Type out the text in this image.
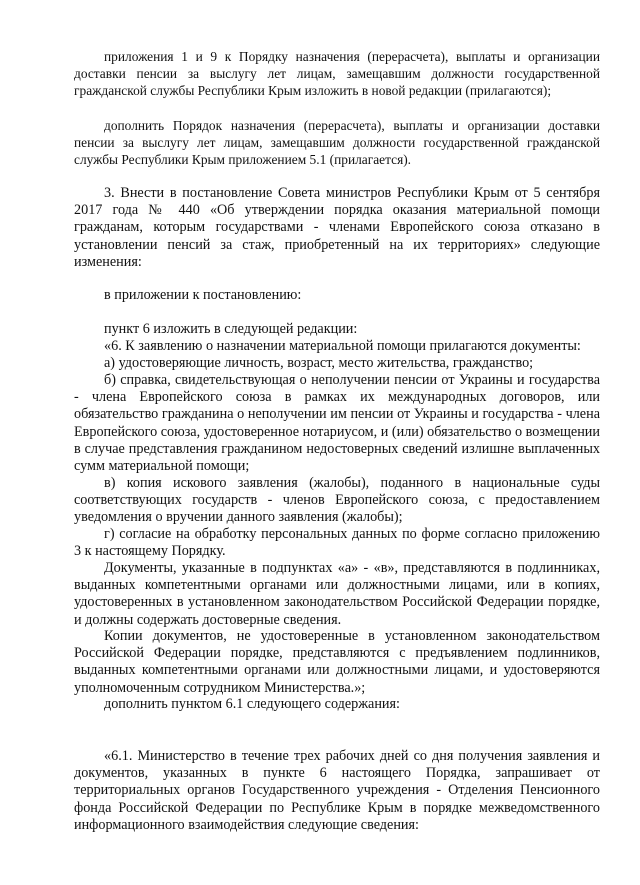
приложения 1 и 9 к Порядку назначения (перерасчета), выплаты и организации доставки пенсии за выслугу лет лицам, замещавшим должности государственной гражданской службы Республики Крым изложить в новой редакции (прилагаются);

дополнить Порядок назначения (перерасчета), выплаты и организации доставки пенсии за выслугу лет лицам, замещавшим должности государственной гражданской службы Республики Крым приложением 5.1 (прилагается).

3. Внести в постановление Совета министров Республики Крым от 5 сентября 2017 года № 440 «Об утверждении порядка оказания материальной помощи гражданам, которым государствами - членами Европейского союза отказано в установлении пенсий за стаж, приобретенный на их территориях» следующие изменения:

в приложении к постановлению:

пункт 6 изложить в следующей редакции:

«6. К заявлению о назначении материальной помощи прилагаются документы:

а) удостоверяющие личность, возраст, место жительства, гражданство;

б) справка, свидетельствующая о неполучении пенсии от Украины и государства - члена Европейского союза в рамках их международных договоров, или обязательство гражданина о неполучении им пенсии от Украины и государства - члена Европейского союза, удостоверенное нотариусом, и (или) обязательство о возмещении в случае представления гражданином недостоверных сведений излишне выплаченных сумм материальной помощи;

в) копия искового заявления (жалобы), поданного в национальные суды соответствующих государств - членов Европейского союза, с предоставлением уведомления о вручении данного заявления (жалобы);

г) согласие на обработку персональных данных по форме согласно приложению 3 к настоящему Порядку.

Документы, указанные в подпунктах «а» - «в», представляются в подлинниках, выданных компетентными органами или должностными лицами, или в копиях, удостоверенных в установленном законодательством Российской Федерации порядке, и должны содержать достоверные сведения.

Копии документов, не удостоверенные в установленном законодательством Российской Федерации порядке, представляются с предъявлением подлинников, выданных компетентными органами или должностными лицами, и удостоверяются уполномоченным сотрудником Министерства.»;

дополнить пунктом 6.1 следующего содержания:

«6.1. Министерство в течение трех рабочих дней со дня получения заявления и документов, указанных в пункте 6 настоящего Порядка, запрашивает от территориальных органов Государственного учреждения - Отделения Пенсионного фонда Российской Федерации по Республике Крым в порядке межведомственного информационного взаимодействия следующие сведения:
